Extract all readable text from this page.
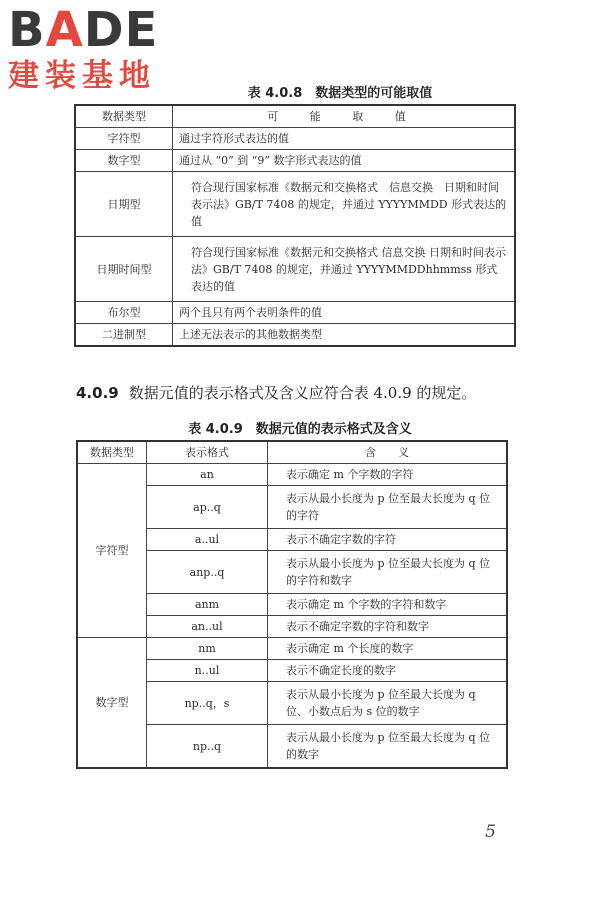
BADE
建装基地	表 4.0.8　数据类型的可能取值
数据类型	可 能 取 值
字符型	通过字符形式表达的值
数字型	通过从 “0” 到 “9” 数字形式表达的值
日期型	符合现行国家标准《数据元和交换格式　信息交换　日期和时间表示法》GB/T 7408 的规定，并通过 YYYYMMDD 形式表达的值
日期时间型	符合现行国家标准《数据元和交换格式 信息交换 日期和时间表示法》GB/T 7408 的规定，并通过 YYYYMMDDhhmmss 形式表达的值
布尔型	两个且只有两个表明条件的值
二进制型	上述无法表示的其他数据类型
4.0.9 数据元值的表示格式及含义应符合表 4.0.9 的规定。
表 4.0.9　数据元值的表示格式及含义
数据类型	表示格式	含　　义
字符型	an	表示确定 m 个字数的字符
	ap..q	表示从最小长度为 p 位至最大长度为 q 位的字符
	a..ul	表示不确定字数的字符
	anp..q	表示从最小长度为 p 位至最大长度为 q 位的字符和数字
	anm	表示确定 m 个字数的字符和数字
	an..ul	表示不确定字数的字符和数字
数字型	nm	表示确定 m 个长度的数字
	n..ul	表示不确定长度的数字
	np..q，s	表示从最小长度为 p 位至最大长度为 q 位、小数点后为 s 位的数字
	np..q	表示从最小长度为 p 位至最大长度为 q 位的数字
5
